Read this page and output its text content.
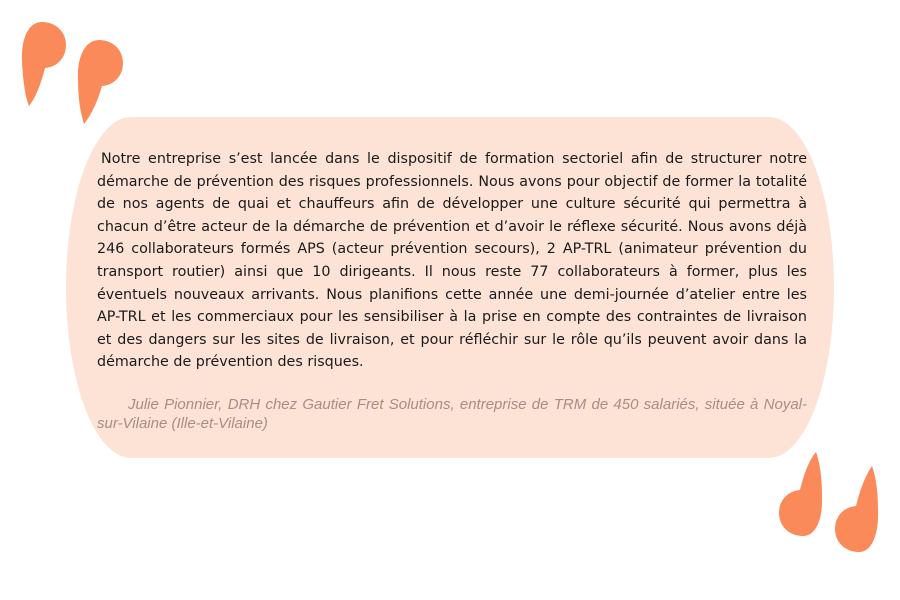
Notre entreprise s’est lancée dans le dispositif de formation sectoriel afin de structurer notre démarche de prévention des risques professionnels. Nous avons pour objectif de former la totalité de nos agents de quai et chauffeurs afin de développer une culture sécurité qui permettra à chacun d’être acteur de la démarche de prévention et d’avoir le réflexe sécurité. Nous avons déjà 246 collaborateurs formés APS (acteur prévention secours), 2 AP-TRL (animateur prévention du transport routier) ainsi que 10 dirigeants. Il nous reste 77 collaborateurs à former, plus les éventuels nouveaux arrivants. Nous planifions cette année une demi-journée d’atelier entre les AP-TRL et les commerciaux pour les sensibiliser à la prise en compte des contraintes de livraison et des dangers sur les sites de livraison, et pour réfléchir sur le rôle qu’ils peuvent avoir dans la démarche de prévention des risques.

Julie Pionnier, DRH chez Gautier Fret Solutions, entreprise de TRM de 450 salariés, située à Noyal-sur-Vilaine (Ille-et-Vilaine)
